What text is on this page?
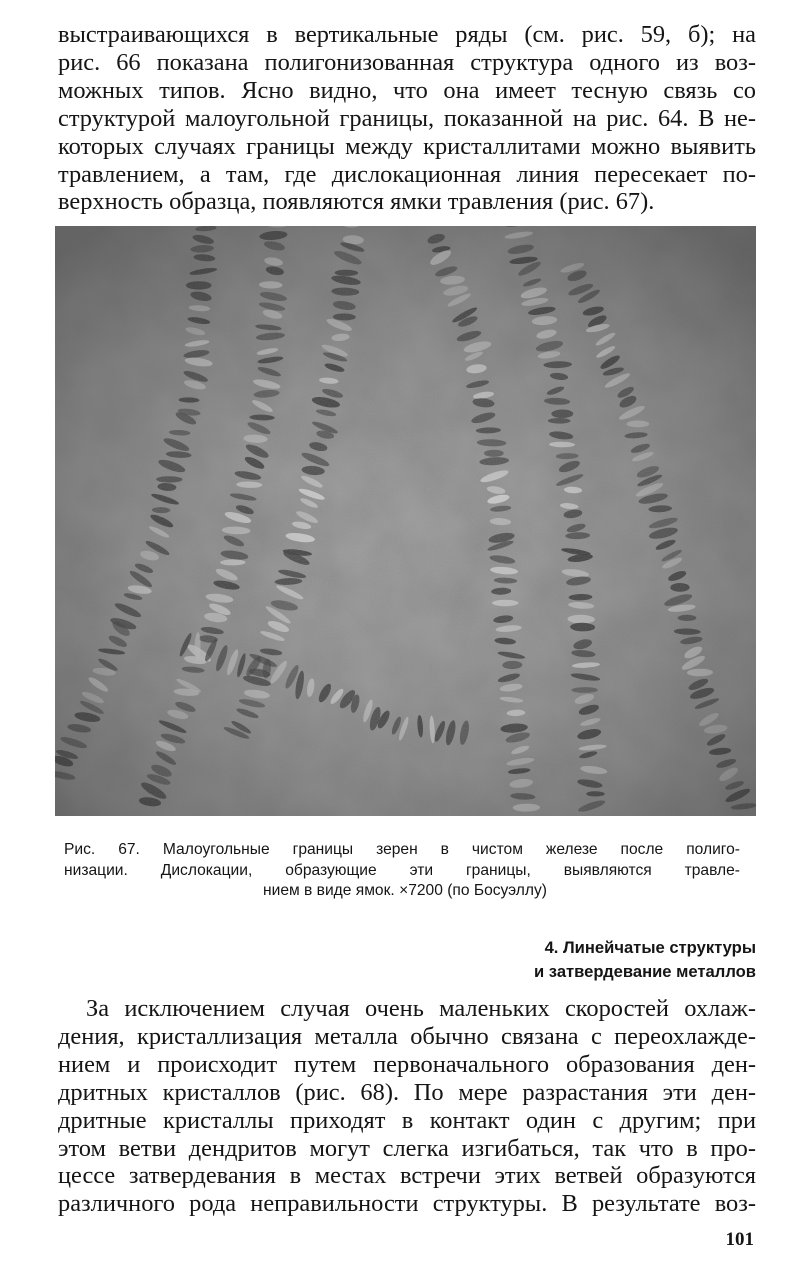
выстраивающихся в вертикальные ряды (см. рис. 59, б); на
рис. 66 показана полигонизованная структура одного из воз-
можных типов. Ясно видно, что она имеет тесную связь со
структурой малоугольной границы, показанной на рис. 64. В не-
которых случаях границы между кристаллитами можно выявить
травлением, а там, где дислокационная линия пересекает по-
верхность образца, появляются ямки травления (рис. 67).
Рис. 67. Малоугольные границы зерен в чистом железе после полиго-
низации. Дислокации, образующие эти границы, выявляются травле-
нием в виде ямок. ×7200 (по Босуэллу)
4. Линейчатые структуры
и затвердевание металлов
За исключением случая очень маленьких скоростей охлаж-
дения, кристаллизация металла обычно связана с переохлажде-
нием и происходит путем первоначального образования ден-
дритных кристаллов (рис. 68). По мере разрастания эти ден-
дритные кристаллы приходят в контакт один с другим; при
этом ветви дендритов могут слегка изгибаться, так что в про-
цессе затвердевания в местах встречи этих ветвей образуются
различного рода неправильности структуры. В результате воз-
101
